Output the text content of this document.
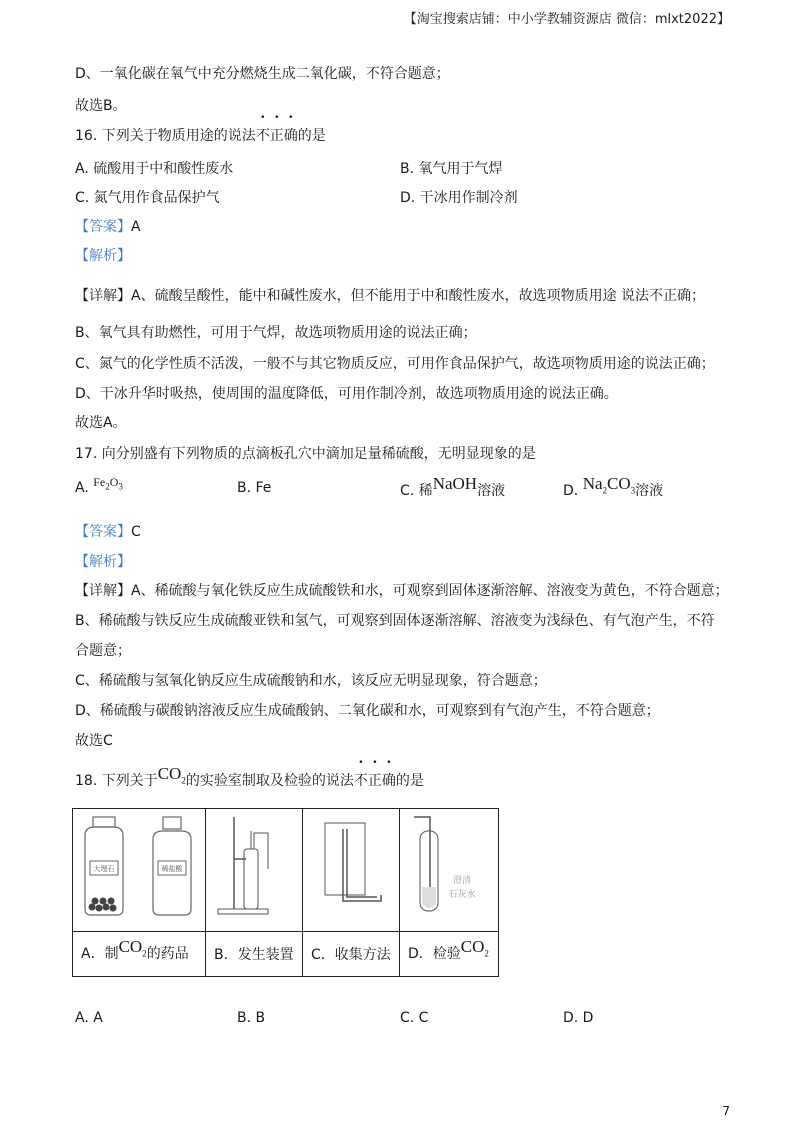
【淘宝搜索店铺：中小学教辅资源店 微信：mlxt2022】
D、一氧化碳在氧气中充分燃烧生成二氧化碳，不符合题意；
故选B。
16. 下列关于物质用途的说法不正确的是
A. 硫酸用于中和酸性废水	B. 氧气用于气焊
C. 氮气用作食品保护气	D. 干冰用作制冷剂
【答案】A
【解析】
【详解】A、硫酸呈酸性，能中和碱性废水，但不能用于中和酸性废水，故选项物质用途 说法不正确；
B、氧气具有助燃性，可用于气焊，故选项物质用途的说法正确；
C、氮气的化学性质不活泼，一般不与其它物质反应，可用作食品保护气，故选项物质用途的说法正确；
D、干冰升华时吸热，使周围的温度降低，可用作制冷剂，故选项物质用途的说法正确。
故选A。
17. 向分别盛有下列物质的点滴板孔穴中滴加足量稀硫酸，无明显现象的是
A. $Fe_2O_3$	B. Fe	C. 稀NaOH溶液	D. $Na_2CO_3$溶液
【答案】C
【解析】
【详解】A、稀硫酸与氧化铁反应生成硫酸铁和水，可观察到固体逐渐溶解、溶液变为黄色，不符合题意；
B、稀硫酸与铁反应生成硫酸亚铁和氢气，可观察到固体逐渐溶解、溶液变为浅绿色、有气泡产生，不符
合题意；
C、稀硫酸与氢氧化钠反应生成硫酸钠和水，该反应无明显现象，符合题意；
D、稀硫酸与碳酸钠溶液反应生成硫酸钠、二氧化碳和水，可观察到有气泡产生，不符合题意；
故选C
18. 下列关于$CO_2$的实验室制取及检验的说法不正确的是
大理石 稀盐酸			澄清
石灰水

A．制$CO_2$的药品	B．发生装置	C．收集方法	D．检验$CO_2$
A. A	B. B	C. C	D. D
7
